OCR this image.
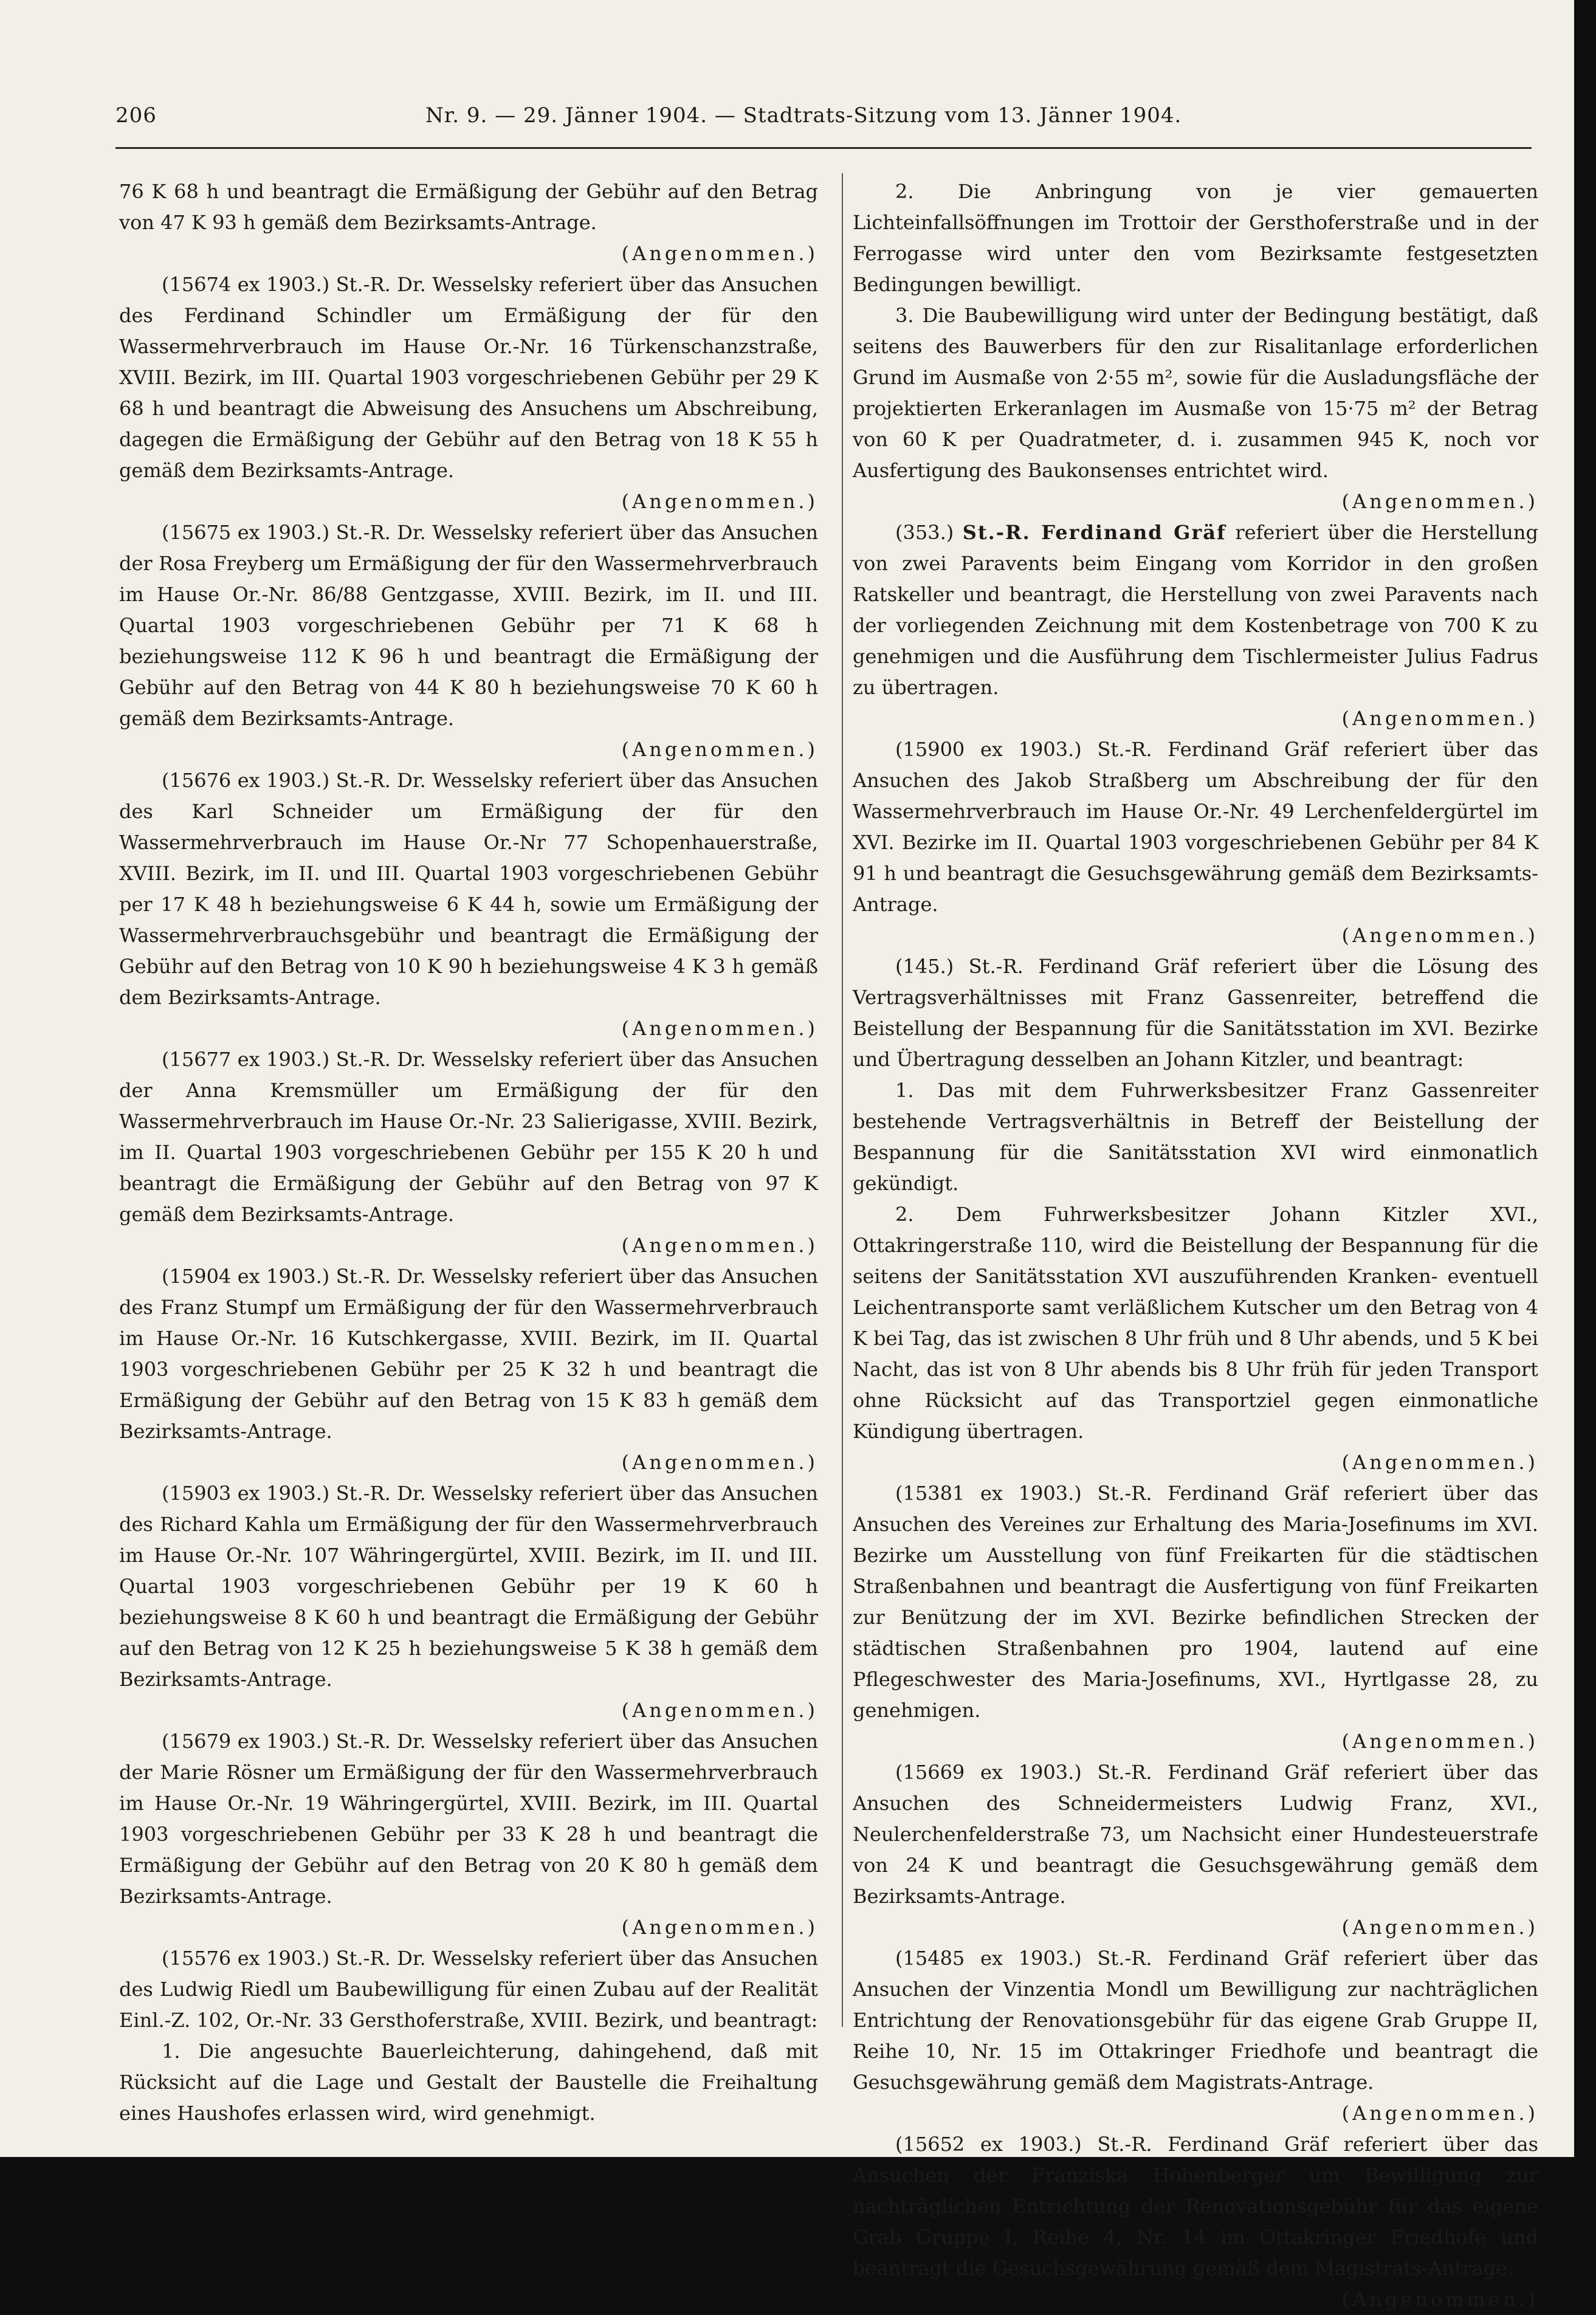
206	Nr. 9. — 29. Jänner 1904. — Stadtrats-Sitzung vom 13. Jänner 1904.

76 K 68 h und beantragt die Ermäßigung der Gebühr auf den Betrag von 47 K 93 h gemäß dem Bezirksamts-Antrage.

(Angenommen.)

(15674 ex 1903.) St.-R. Dr. Wesselsky referiert über das Ansuchen des Ferdinand Schindler um Ermäßigung der für den Wassermehrverbrauch im Hause Or.-Nr. 16 Türkenschanzstraße, XVIII. Bezirk, im III. Quartal 1903 vorgeschriebenen Gebühr per 29 K 68 h und beantragt die Abweisung des Ansuchens um Abschreibung, dagegen die Ermäßigung der Gebühr auf den Betrag von 18 K 55 h gemäß dem Bezirksamts-Antrage.

(Angenommen.)

(15675 ex 1903.) St.-R. Dr. Wesselsky referiert über das Ansuchen der Rosa Freyberg um Ermäßigung der für den Wassermehrverbrauch im Hause Or.-Nr. 86/88 Gentzgasse, XVIII. Bezirk, im II. und III. Quartal 1903 vorgeschriebenen Gebühr per 71 K 68 h beziehungsweise 112 K 96 h und beantragt die Ermäßigung der Gebühr auf den Betrag von 44 K 80 h beziehungsweise 70 K 60 h gemäß dem Bezirksamts-Antrage.

(Angenommen.)

(15676 ex 1903.) St.-R. Dr. Wesselsky referiert über das Ansuchen des Karl Schneider um Ermäßigung der für den Wassermehrverbrauch im Hause Or.-Nr 77 Schopenhauerstraße, XVIII. Bezirk, im II. und III. Quartal 1903 vorgeschriebenen Gebühr per 17 K 48 h beziehungsweise 6 K 44 h, sowie um Ermäßigung der Wassermehrverbrauchsgebühr und beantragt die Ermäßigung der Gebühr auf den Betrag von 10 K 90 h beziehungsweise 4 K 3 h gemäß dem Bezirksamts-Antrage.

(Angenommen.)

(15677 ex 1903.) St.-R. Dr. Wesselsky referiert über das Ansuchen der Anna Kremsmüller um Ermäßigung der für den Wassermehrverbrauch im Hause Or.-Nr. 23 Salierigasse, XVIII. Bezirk, im II. Quartal 1903 vorgeschriebenen Gebühr per 155 K 20 h und beantragt die Ermäßigung der Gebühr auf den Betrag von 97 K gemäß dem Bezirksamts-Antrage.

(Angenommen.)

(15904 ex 1903.) St.-R. Dr. Wesselsky referiert über das Ansuchen des Franz Stumpf um Ermäßigung der für den Wassermehrverbrauch im Hause Or.-Nr. 16 Kutschkergasse, XVIII. Bezirk, im II. Quartal 1903 vorgeschriebenen Gebühr per 25 K 32 h und beantragt die Ermäßigung der Gebühr auf den Betrag von 15 K 83 h gemäß dem Bezirksamts-Antrage.

(Angenommen.)

(15903 ex 1903.) St.-R. Dr. Wesselsky referiert über das Ansuchen des Richard Kahla um Ermäßigung der für den Wassermehrverbrauch im Hause Or.-Nr. 107 Währingergürtel, XVIII. Bezirk, im II. und III. Quartal 1903 vorgeschriebenen Gebühr per 19 K 60 h beziehungsweise 8 K 60 h und beantragt die Ermäßigung der Gebühr auf den Betrag von 12 K 25 h beziehungsweise 5 K 38 h gemäß dem Bezirksamts-Antrage.

(Angenommen.)

(15679 ex 1903.) St.-R. Dr. Wesselsky referiert über das Ansuchen der Marie Rösner um Ermäßigung der für den Wassermehrverbrauch im Hause Or.-Nr. 19 Währingergürtel, XVIII. Bezirk, im III. Quartal 1903 vorgeschriebenen Gebühr per 33 K 28 h und beantragt die Ermäßigung der Gebühr auf den Betrag von 20 K 80 h gemäß dem Bezirksamts-Antrage.

(Angenommen.)

(15576 ex 1903.) St.-R. Dr. Wesselsky referiert über das Ansuchen des Ludwig Riedl um Baubewilligung für einen Zubau auf der Realität Einl.-Z. 102, Or.-Nr. 33 Gersthoferstraße, XVIII. Bezirk, und beantragt:

1. Die angesuchte Bauerleichterung, dahingehend, daß mit Rücksicht auf die Lage und Gestalt der Baustelle die Freihaltung eines Haushofes erlassen wird, wird genehmigt.

2. Die Anbringung von je vier gemauerten Lichteinfallsöffnungen im Trottoir der Gersthoferstraße und in der Ferrogasse wird unter den vom Bezirksamte festgesetzten Bedingungen bewilligt.

3. Die Baubewilligung wird unter der Bedingung bestätigt, daß seitens des Bauwerbers für den zur Risalitanlage erforderlichen Grund im Ausmaße von 2·55 m², sowie für die Ausladungsfläche der projektierten Erkeranlagen im Ausmaße von 15·75 m² der Betrag von 60 K per Quadratmeter, d. i. zusammen 945 K, noch vor Ausfertigung des Baukonsenses entrichtet wird.

(Angenommen.)

(353.) St.-R. Ferdinand Gräf referiert über die Herstellung von zwei Paravents beim Eingang vom Korridor in den großen Ratskeller und beantragt, die Herstellung von zwei Paravents nach der vorliegenden Zeichnung mit dem Kostenbetrage von 700 K zu genehmigen und die Ausführung dem Tischlermeister Julius Fadrus zu übertragen.

(Angenommen.)

(15900 ex 1903.) St.-R. Ferdinand Gräf referiert über das Ansuchen des Jakob Straßberg um Abschreibung der für den Wassermehrverbrauch im Hause Or.-Nr. 49 Lerchenfeldergürtel im XVI. Bezirke im II. Quartal 1903 vorgeschriebenen Gebühr per 84 K 91 h und beantragt die Gesuchsgewährung gemäß dem Bezirksamts-Antrage.

(Angenommen.)

(145.) St.-R. Ferdinand Gräf referiert über die Lösung des Vertragsverhältnisses mit Franz Gassenreiter, betreffend die Beistellung der Bespannung für die Sanitätsstation im XVI. Bezirke und Übertragung desselben an Johann Kitzler, und beantragt:

1. Das mit dem Fuhrwerksbesitzer Franz Gassenreiter bestehende Vertragsverhältnis in Betreff der Beistellung der Bespannung für die Sanitätsstation XVI wird einmonatlich gekündigt.

2. Dem Fuhrwerksbesitzer Johann Kitzler XVI., Ottakringerstraße 110, wird die Beistellung der Bespannung für die seitens der Sanitätsstation XVI auszuführenden Kranken- eventuell Leichentransporte samt verläßlichem Kutscher um den Betrag von 4 K bei Tag, das ist zwischen 8 Uhr früh und 8 Uhr abends, und 5 K bei Nacht, das ist von 8 Uhr abends bis 8 Uhr früh für jeden Transport ohne Rücksicht auf das Transportziel gegen einmonatliche Kündigung übertragen.

(Angenommen.)

(15381 ex 1903.) St.-R. Ferdinand Gräf referiert über das Ansuchen des Vereines zur Erhaltung des Maria-Josefinums im XVI. Bezirke um Ausstellung von fünf Freikarten für die städtischen Straßenbahnen und beantragt die Ausfertigung von fünf Freikarten zur Benützung der im XVI. Bezirke befindlichen Strecken der städtischen Straßenbahnen pro 1904, lautend auf eine Pflegeschwester des Maria-Josefinums, XVI., Hyrtlgasse 28, zu genehmigen.

(Angenommen.)

(15669 ex 1903.) St.-R. Ferdinand Gräf referiert über das Ansuchen des Schneidermeisters Ludwig Franz, XVI., Neulerchenfelderstraße 73, um Nachsicht einer Hundesteuerstrafe von 24 K und beantragt die Gesuchsgewährung gemäß dem Bezirksamts-Antrage.

(Angenommen.)

(15485 ex 1903.) St.-R. Ferdinand Gräf referiert über das Ansuchen der Vinzentia Mondl um Bewilligung zur nachträglichen Entrichtung der Renovationsgebühr für das eigene Grab Gruppe II, Reihe 10, Nr. 15 im Ottakringer Friedhofe und beantragt die Gesuchsgewährung gemäß dem Magistrats-Antrage.

(Angenommen.)

(15652 ex 1903.) St.-R. Ferdinand Gräf referiert über das Ansuchen der Franziska Hohenberger um Bewilligung zur nachträglichen Entrichtung der Renovationsgebühr für das eigene Grab Gruppe I, Reihe 4, Nr. 14 im Ottakringer Friedhofe und beantragt die Gesuchsgewährung gemäß dem Magistrats-Antrage.

(Angenommen.)
